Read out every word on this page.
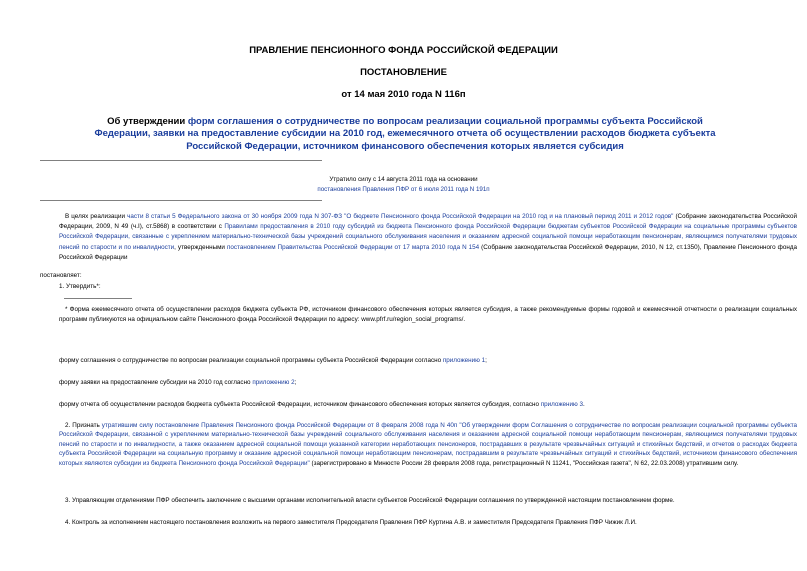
ПРАВЛЕНИЕ ПЕНСИОННОГО ФОНДА РОССИЙСКОЙ ФЕДЕРАЦИИ
ПОСТАНОВЛЕНИЕ
от 14 мая 2010 года N 116п
Об утверждении форм соглашения о сотрудничестве по вопросам реализации социальной программы субъекта Российской Федерации, заявки на предоставление субсидии на 2010 год, ежемесячного отчета об осуществлении расходов бюджета субъекта Российской Федерации, источником финансового обеспечения которых является субсидия
Утратило силу с 14 августа 2011 года на основании
постановления Правления ПФР от 6 июля 2011 года N 191п
В целях реализации части 8 статьи 5 Федерального закона от 30 ноября 2009 года N 307-ФЗ "О бюджете Пенсионного фонда Российской Федерации на 2010 год и на плановый период 2011 и 2012 годов" (Собрание законодательства Российской Федерации, 2009, N 49 (ч.I), ст.5868) в соответствии с Правилами предоставления в 2010 году субсидий из бюджета Пенсионного фонда Российской Федерации бюджетам субъектов Российской Федерации на социальные программы субъектов Российской Федерации, связанные с укреплением материально-технической базы учреждений социального обслуживания населения и оказанием адресной социальной помощи неработающим пенсионерам, являющимся получателями трудовых пенсий по старости и по инвалидности, утвержденными постановлением Правительства Российской Федерации от 17 марта 2010 года N 154 (Собрание законодательства Российской Федерации, 2010, N 12, ст.1350), Правление Пенсионного фонда Российской Федерации
постановляет:
1. Утвердить*:
* Форма ежемесячного отчета об осуществлении расходов бюджета субъекта РФ, источником финансового обеспечения которых является субсидия, а также рекомендуемые формы годовой и ежемесячной отчетности о реализации социальных программ публикуются на официальном сайте Пенсионного фонда Российской Федерации по адресу: www.pfrf.ru/region_social_programs/.
форму соглашения о сотрудничестве по вопросам реализации социальной программы субъекта Российской Федерации согласно приложению 1;
форму заявки на предоставление субсидии на 2010 год согласно приложению 2;
форму отчета об осуществлении расходов бюджета субъекта Российской Федерации, источником финансового обеспечения которых является субсидия, согласно приложению 3.
2. Признать утратившим силу постановление Правления Пенсионного фонда Российской Федерации от 8 февраля 2008 года N 40п "Об утверждении форм Соглашения о сотрудничестве по вопросам реализации социальной программы субъекта Российской Федерации, связанной с укреплением материально-технической базы учреждений социального обслуживания населения и оказанием адресной социальной помощи неработающим пенсионерам, являющимся получателями трудовых пенсий по старости и по инвалидности, а также оказанием адресной социальной помощи указанной категории неработающих пенсионеров, пострадавших в результате чрезвычайных ситуаций и стихийных бедствий, и отчетов о расходах бюджета субъекта Российской Федерации на социальную программу и оказание адресной социальной помощи неработающим пенсионерам, пострадавшим в результате чрезвычайных ситуаций и стихийных бедствий, источником финансового обеспечения которых являются субсидии из бюджета Пенсионного фонда Российской Федерации" (зарегистрировано в Минюсте России 28 февраля 2008 года, регистрационный N 11241, "Российская газета", N 62, 22.03.2008) утратившим силу.
3. Управляющим отделениями ПФР обеспечить заключение с высшими органами исполнительной власти субъектов Российской Федерации соглашения по утвержденной настоящим постановлением форме.
4. Контроль за исполнением настоящего постановления возложить на первого заместителя Председателя Правления ПФР Куртина А.В. и заместителя Председателя Правления ПФР Чижик Л.И.
